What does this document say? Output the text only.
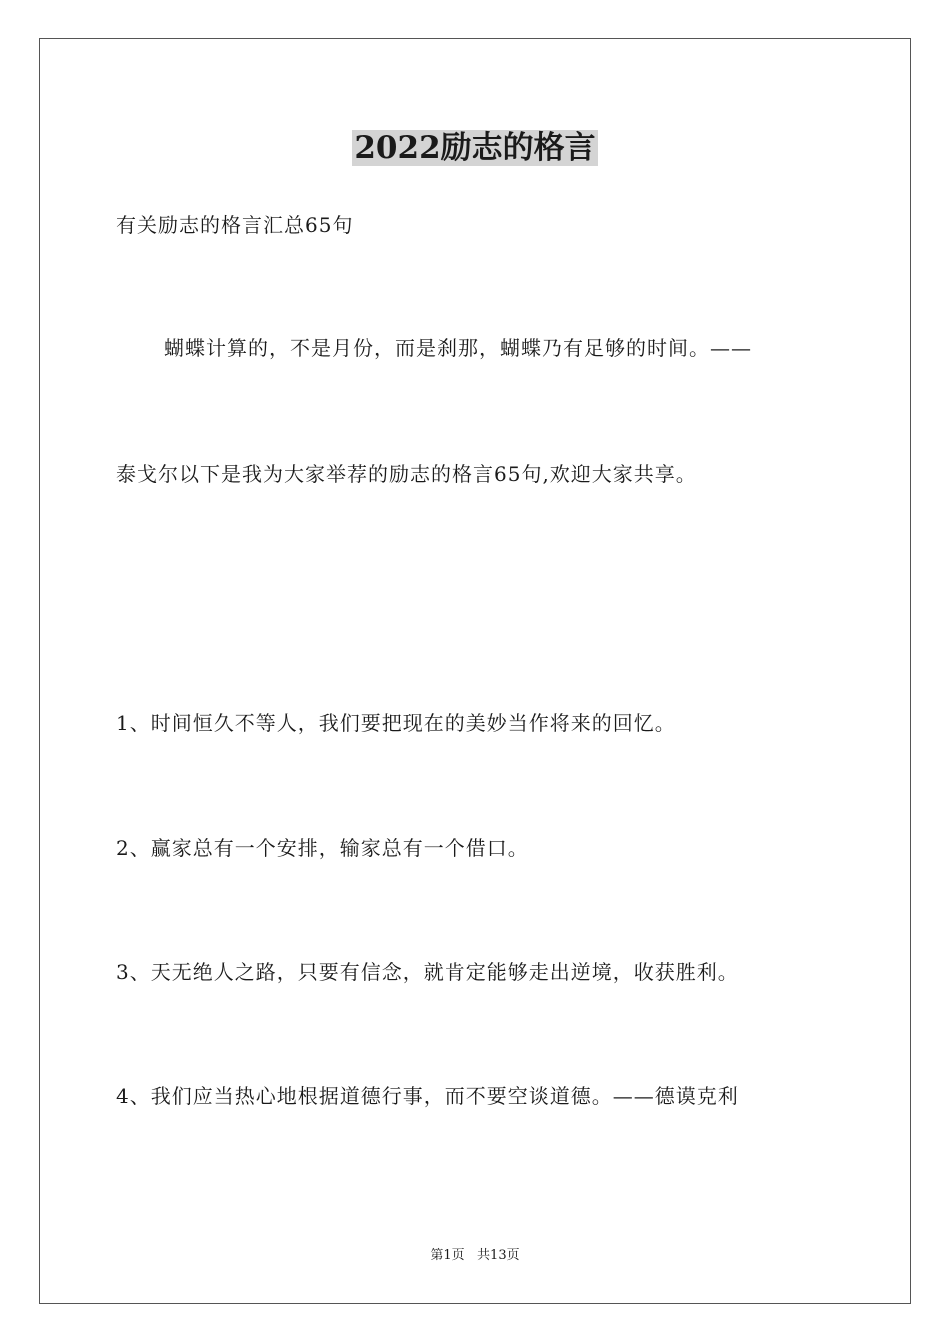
2022励志的格言

有关励志的格言汇总65句

蝴蝶计算的，不是月份，而是刹那，蝴蝶乃有足够的时间。——

泰戈尔以下是我为大家举荐的励志的格言65句,欢迎大家共享。

1、时间恒久不等人，我们要把现在的美妙当作将来的回忆。

2、赢家总有一个安排，输家总有一个借口。

3、天无绝人之路，只要有信念，就肯定能够走出逆境，收获胜利。

4、我们应当热心地根据道德行事，而不要空谈道德。——德谟克利

第1页   共13页
